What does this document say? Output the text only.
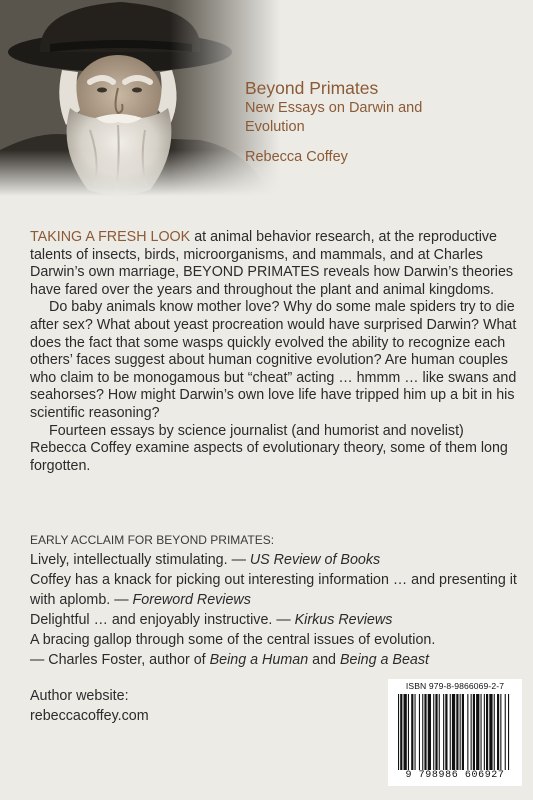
Beyond Primates
New Essays on Darwin and
Evolution
Rebecca Coffey

TAKING A FRESH LOOK at animal behavior research, at the reproductive talents of insects, birds, microorganisms, and mammals, and at Charles Darwin’s own marriage, BEYOND PRIMATES reveals how Darwin’s theories have fared over the years and throughout the plant and animal kingdoms.

Do baby animals know mother love? Why do some male spiders try to die after sex? What about yeast procreation would have surprised Darwin? What does the fact that some wasps quickly evolved the ability to recognize each others’ faces suggest about human cognitive evolution? Are human couples who claim to be monogamous but “cheat” acting … hmmm … like swans and seahorses? How might Darwin’s own love life have tripped him up a bit in his scientific reasoning?

Fourteen essays by science journalist (and humorist and novelist) Rebecca Coffey examine aspects of evolutionary theory, some of them long forgotten.

EARLY ACCLAIM FOR BEYOND PRIMATES:

Lively, intellectually stimulating. — US Review of Books

Coffey has a knack for picking out interesting information … and presenting it with aplomb. — Foreword Reviews

Delightful … and enjoyably instructive. — Kirkus Reviews

A bracing gallop through some of the central issues of evolution.

— Charles Foster, author of Being a Human and Being a Beast

Author website:
rebeccacoffey.com
ISBN 979-8-9866069-2-7
9 798986 606927
